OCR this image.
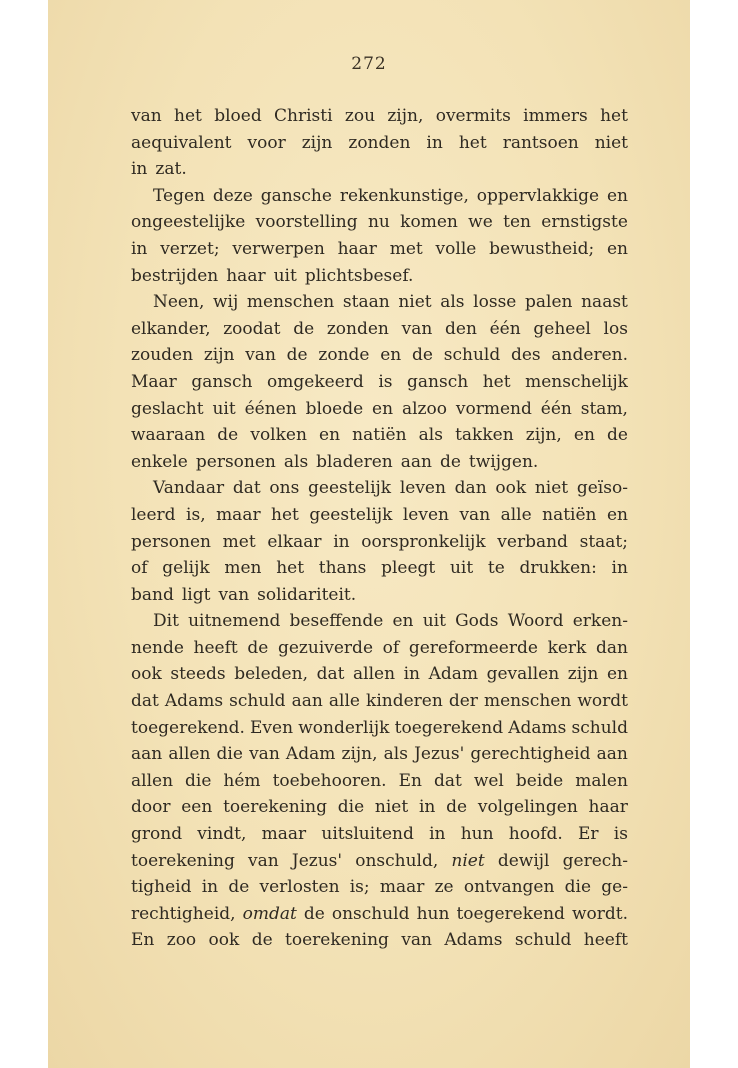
272
van het bloed Christi zou zijn, overmits immers het
aequivalent voor zijn zonden in het rantsoen niet
in zat.
Tegen deze gansche rekenkunstige, oppervlakkige en
ongeestelijke voorstelling nu komen we ten ernstigste
in verzet; verwerpen haar met volle bewustheid; en
bestrijden haar uit plichtsbesef.
Neen, wij menschen staan niet als losse palen naast
elkander, zoodat de zonden van den één geheel los
zouden zijn van de zonde en de schuld des anderen.
Maar gansch omgekeerd is gansch het menschelijk
geslacht uit éénen bloede en alzoo vormend één stam,
waaraan de volken en natiën als takken zijn, en de
enkele personen als bladeren aan de twijgen.
Vandaar dat ons geestelijk leven dan ook niet geïso-
leerd is, maar het geestelijk leven van alle natiën en
personen met elkaar in oorspronkelijk verband staat;
of gelijk men het thans pleegt uit te drukken: in
band ligt van solidariteit.
Dit uitnemend beseffende en uit Gods Woord erken-
nende heeft de gezuiverde of gereformeerde kerk dan
ook steeds beleden, dat allen in Adam gevallen zijn en
dat Adams schuld aan alle kinderen der menschen wordt
toegerekend. Even wonderlijk toegerekend Adams schuld
aan allen die van Adam zijn, als Jezus' gerechtigheid aan
allen die hém toebehooren. En dat wel beide malen
door een toerekening die niet in de volgelingen haar
grond vindt, maar uitsluitend in hun hoofd. Er is
toerekening van Jezus' onschuld, niet dewijl gerech-
tigheid in de verlosten is; maar ze ontvangen die ge-
rechtigheid, omdat de onschuld hun toegerekend wordt.
En zoo ook de toerekening van Adams schuld heeft
